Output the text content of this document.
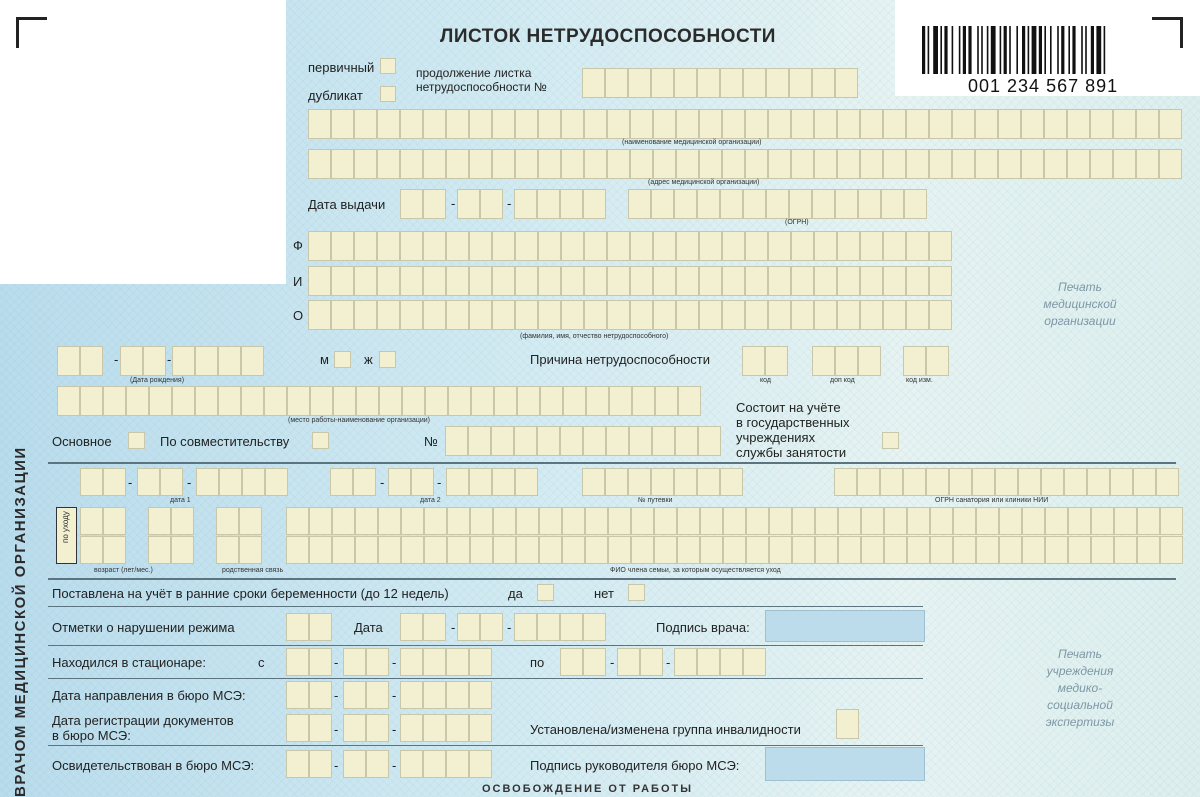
001 234 567 891
ЛИСТОК НЕТРУДОСПОСОБНОСТИ
первичный
дубликат
продолжение листка
нетрудоспособности №
(наименование медицинской организации)
(адрес медицинской организации)
Дата выдачи	-	-
(ОГРН)
Ф
И
О
(фамилия, имя, отчество нетрудоспособного)
Печать
медицинской
организации
-	-
(Дата рождения)
м	ж	Причина нетрудоспособности
код	доп код	код изм.
(место работы-наименование организации)
Состоит на учёте
в государственных
учреждениях
службы занятости
Основное	По совместительству	№
-	-	-	-
дата 1	дата 2	№ путевки	ОГРН санатория или клиники НИИ
по уходу
возраст (лет/мес.)	родственная связь	ФИО члена семьи, за которым осуществляется уход
Поставлена на учёт в ранние сроки беременности (до 12 недель)	да	нет
Отметки о нарушении режима	Дата	-	-	Подпись врача:
Находился в стационаре:	с	-	-	по	-	-
Дата направления в бюро МСЭ:	-	-
Дата регистрации документов
в бюро МСЭ:	-	-	Установлена/изменена группа инвалидности
Освидетельствован в бюро МСЭ:	-	-	Подпись руководителя бюро МСЭ:
Печать
учреждения
медико-
социальной
экспертизы
ОСВОБОЖДЕНИЕ ОТ РАБОТЫ
ВРАЧОМ МЕДИЦИНСКОЙ ОРГАНИЗАЦИИ
